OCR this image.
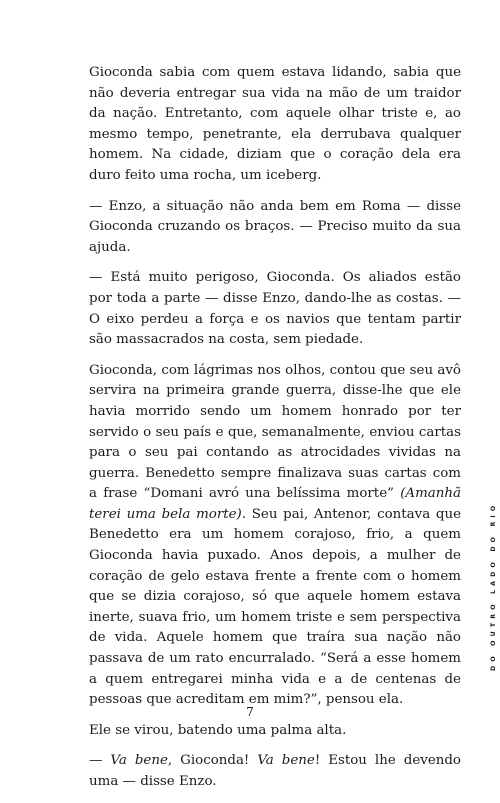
Gioconda sabia com quem estava lidando, sabia que não deveria entregar sua vida na mão de um traidor da nação. Entretanto, com aquele olhar triste e, ao mesmo tempo, penetrante, ela derrubava qualquer homem. Na cidade, diziam que o coração dela era duro feito uma rocha, um iceberg.

— Enzo, a situação não anda bem em Roma — disse Gioconda cruzando os braços. — Preciso muito da sua ajuda.

— Está muito perigoso, Gioconda. Os aliados estão por toda a parte — disse Enzo, dando-lhe as costas. — O eixo perdeu a força e os navios que tentam partir são massacrados na costa, sem piedade.

Gioconda, com lágrimas nos olhos, contou que seu avô servira na primeira grande guerra, disse-lhe que ele havia morrido sendo um homem honrado por ter servido o seu país e que, semanalmente, enviou cartas para o seu pai contando as atrocidades vividas na guerra. Benedetto sempre finalizava suas cartas com a frase “Domani avró una belíssima morte” (Amanhã terei uma bela morte). Seu pai, Antenor, contava que Benedetto era um homem corajoso, frio, a quem Gioconda havia puxado. Anos depois, a mulher de coração de gelo estava frente a frente com o homem que se dizia corajoso, só que aquele homem estava inerte, suava frio, um homem triste e sem perspectiva de vida. Aquele homem que traíra sua nação não passava de um rato encurralado. “Será a esse homem a quem entregarei minha vida e a de centenas de pessoas que acreditam em mim?”, pensou ela.

Ele se virou, batendo uma palma alta.

— Va bene, Gioconda! Va bene! Estou lhe devendo uma — disse Enzo.

DO OUTRO LADO DO RIO
7
